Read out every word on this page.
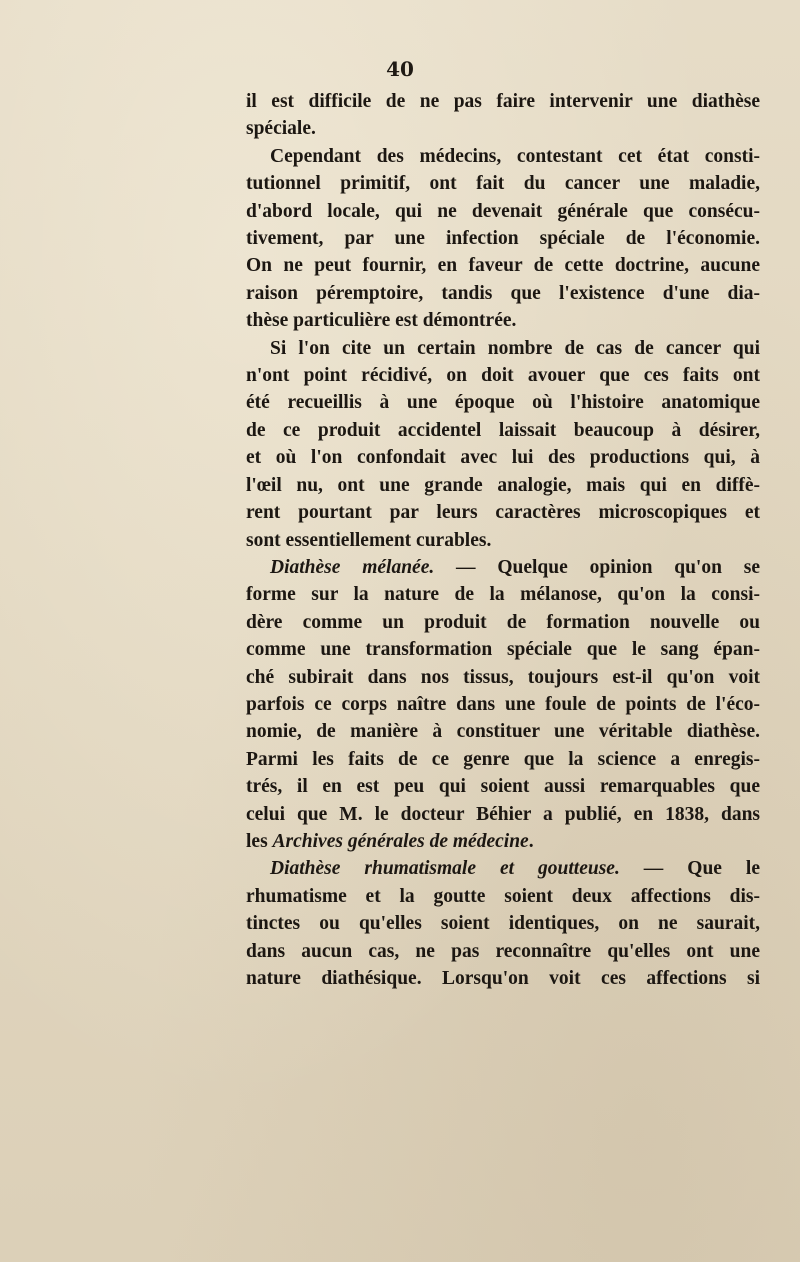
40

il est difficile de ne pas faire intervenir une diathèse
spéciale.

Cependant des médecins, contestant cet état consti-
tutionnel primitif, ont fait du cancer une maladie,
d'abord locale, qui ne devenait générale que consécu-
tivement, par une infection spéciale de l'économie.
On ne peut fournir, en faveur de cette doctrine, aucune
raison péremptoire, tandis que l'existence d'une dia-
thèse particulière est démontrée.

Si l'on cite un certain nombre de cas de cancer qui
n'ont point récidivé, on doit avouer que ces faits ont
été recueillis à une époque où l'histoire anatomique
de ce produit accidentel laissait beaucoup à désirer,
et où l'on confondait avec lui des productions qui, à
l'œil nu, ont une grande analogie, mais qui en diffè-
rent pourtant par leurs caractères microscopiques et
sont essentiellement curables.

Diathèse mélanée. — Quelque opinion qu'on se
forme sur la nature de la mélanose, qu'on la consi-
dère comme un produit de formation nouvelle ou
comme une transformation spéciale que le sang épan-
ché subirait dans nos tissus, toujours est-il qu'on voit
parfois ce corps naître dans une foule de points de l'éco-
nomie, de manière à constituer une véritable diathèse.
Parmi les faits de ce genre que la science a enregis-
trés, il en est peu qui soient aussi remarquables que
celui que M. le docteur Béhier a publié, en 1838, dans
les Archives générales de médecine.

Diathèse rhumatismale et goutteuse. — Que le
rhumatisme et la goutte soient deux affections dis-
tinctes ou qu'elles soient identiques, on ne saurait,
dans aucun cas, ne pas reconnaître qu'elles ont une
nature diathésique. Lorsqu'on voit ces affections si
